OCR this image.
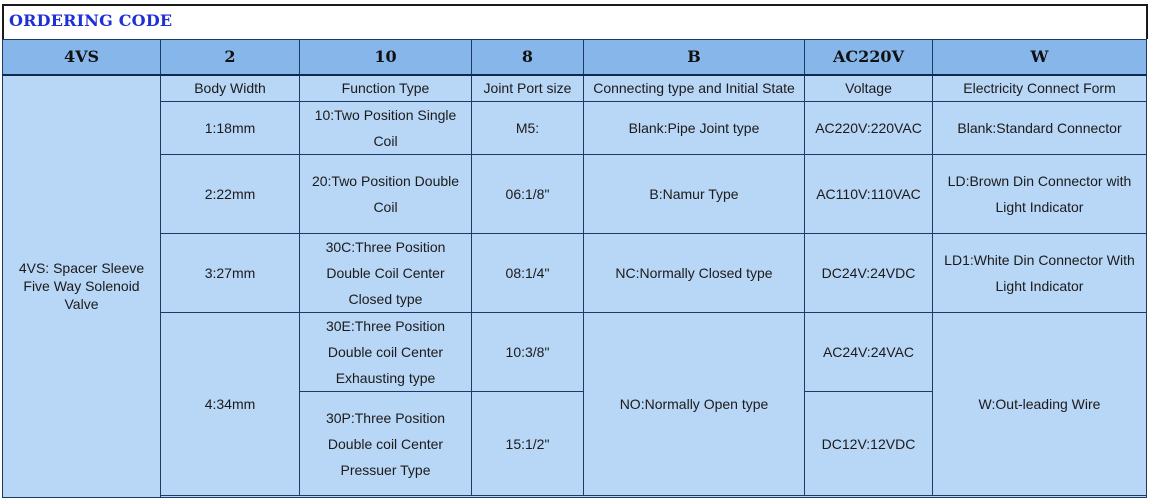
ORDERING CODE
4VS	2	10	8	B	AC220V	W
4VS: Spacer Sleeve Five Way Solenoid Valve	Body Width	Function Type	Joint Port size	Connecting type and Initial State	Voltage	Electricity Connect Form
	1:18mm	10:Two Position Single Coil	M5:	Blank:Pipe Joint type	AC220V:220VAC	Blank:Standard Connector
	2:22mm	20:Two Position Double Coil	06:1/8"	B:Namur Type	AC110V:110VAC	LD:Brown Din Connector with Light Indicator
	3:27mm	30C:Three Position Double Coil Center Closed type	08:1/4"	NC:Normally Closed type	DC24V:24VDC	LD1:White Din Connector With Light Indicator
	4:34mm	30E:Three Position Double coil Center Exhausting type	10:3/8"	NO:Normally Open type	AC24V:24VAC	W:Out-leading Wire
		30P:Three Position Double coil Center Pressuer Type	15:1/2"		DC12V:12VDC	
